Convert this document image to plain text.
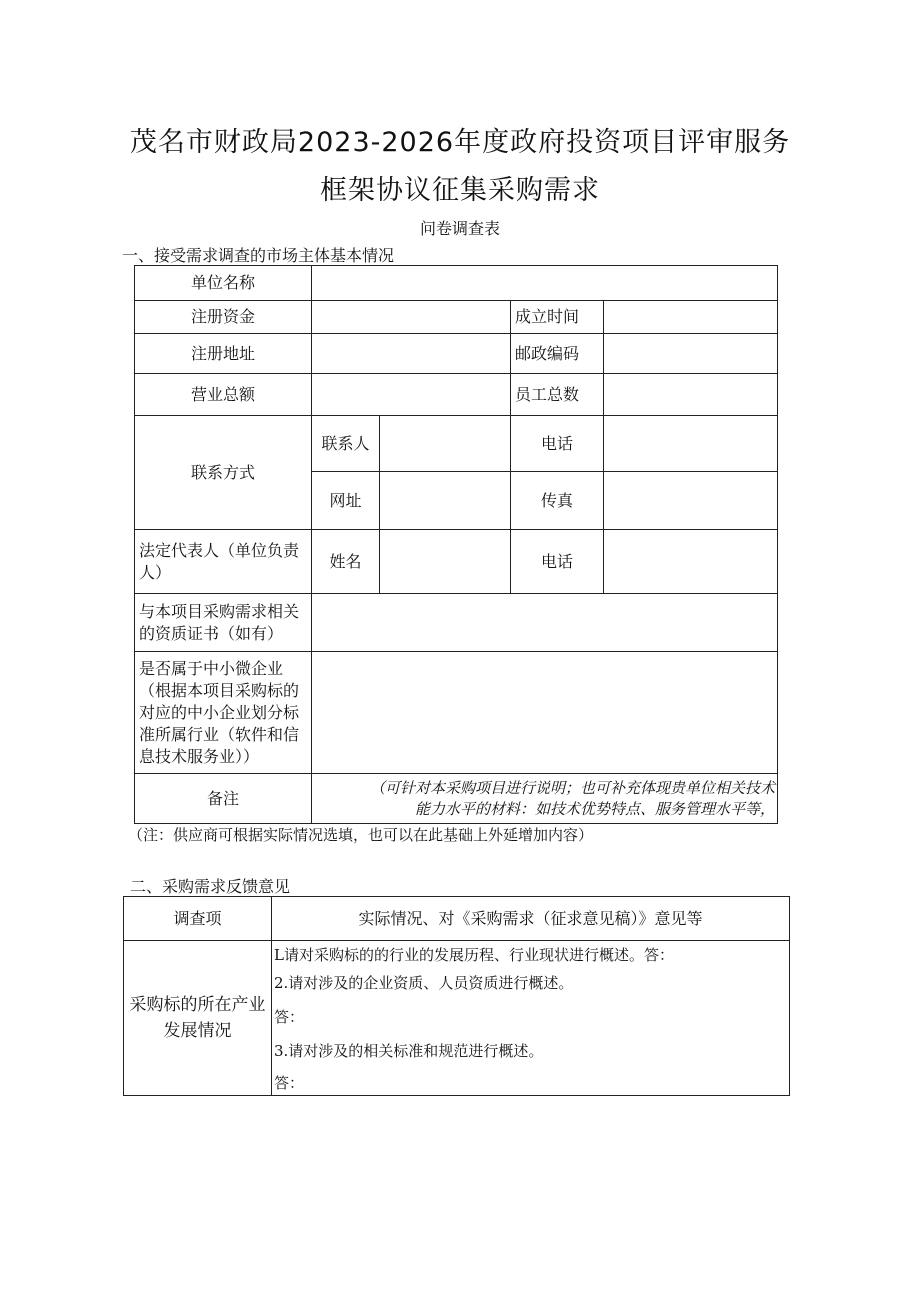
茂名市财政局2023-2026年度政府投资项目评审服务
框架协议征集采购需求
问卷调查表
一、接受需求调查的市场主体基本情况
单位名称				
注册资金			成立时间	
注册地址			邮政编码	
营业总额			员工总数	
联系方式	联系人		电话	
	网址		传真	
法定代表人（单位负责人）	姓名		电话	
与本项目采购需求相关的资质证书（如有）				
是否属于中小微企业（根据本项目采购标的对应的中小企业划分标准所属行业（软件和信息技术服务业））				
备注	（可针对本采购项目进行说明；也可补充体现贵单位相关技术
能力水平的材料：如技术优势特点、服务管理水平等，			
（注：供应商可根据实际情况选填，也可以在此基础上外延增加内容）
二、采购需求反馈意见
调查项	实际情况、对《采购需求（征求意见稿）》意见等
采购标的所在产业发展情况	L请对采购标的的行业的发展历程、行业现状进行概述。答：
2.请对涉及的企业资质、人员资质进行概述。
答：
3.请对涉及的相关标准和规范进行概述。
答：
